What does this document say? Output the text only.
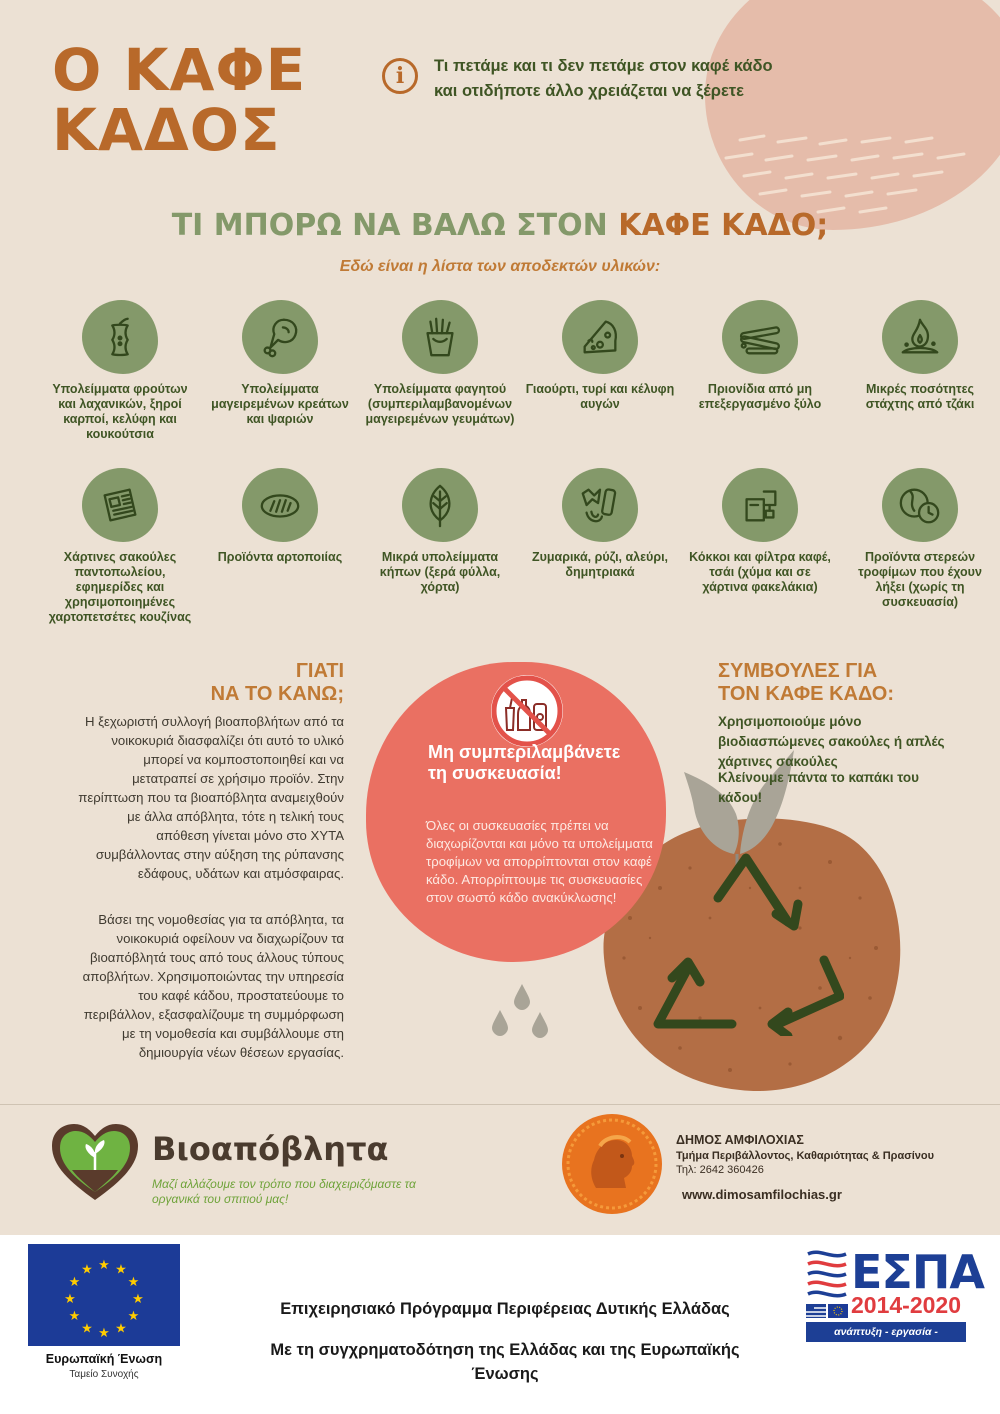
Ο ΚΑΦΕ
ΚΑΔΟΣ
i	Τι πετάμε και τι δεν πετάμε στον καφέ κάδο και οτιδήποτε άλλο χρειάζεται να ξέρετε

ΤΙ ΜΠΟΡΩ ΝΑ ΒΑΛΩ ΣΤΟΝ ΚΑΦΕ ΚΑΔΟ;

Εδώ είναι η λίστα των αποδεκτών υλικών:

Υπολείμματα φρούτων και λαχανικών, ξηροί καρποί, κελύφη και κουκούτσια
Υπολείμματα μαγειρεμένων κρεάτων και ψαριών
Υπολείμματα φαγητού (συμπεριλαμβανομένων μαγειρεμένων γευμάτων)
Γιαούρτι, τυρί και κέλυφη αυγών
Πριονίδια από μη επεξεργασμένο ξύλο
Μικρές ποσότητες στάχτης από τζάκι
Χάρτινες σακούλες παντοπωλείου, εφημερίδες και χρησιμοποιημένες χαρτοπετσέτες κουζίνας
Προϊόντα αρτοποιίας	Μικρά υπολείμματα κήπων (ξερά φύλλα, χόρτα)
Ζυμαρικά, ρύζι, αλεύρι, δημητριακά
Κόκκοι και φίλτρα καφέ, τσάι (χύμα και σε χάρτινα φακελάκια)
Προϊόντα στερεών τροφίμων που έχουν λήξει (χωρίς τη συσκευασία)
ΓΙΑΤΙ
ΝΑ ΤΟ ΚΑΝΩ;

Η ξεχωριστή συλλογή βιοαποβλήτων από τα νοικοκυριά διασφαλίζει ότι αυτό το υλικό μπορεί να κομποστοποιηθεί και να μετατραπεί σε χρήσιμο προϊόν. Στην περίπτωση που τα βιοαπόβλητα αναμειχθούν με άλλα απόβλητα, τότε η τελική τους απόθεση γίνεται μόνο στο ΧΥΤΑ συμβάλλοντας στην αύξηση της ρύπανσης εδάφους, υδάτων και ατμόσφαιρας.

Βάσει της νομοθεσίας για τα απόβλητα, τα νοικοκυριά οφείλουν να διαχωρίζουν τα βιοαπόβλητά τους από τους άλλους τύπους αποβλήτων. Χρησιμοποιώντας την υπηρεσία του καφέ κάδου, προστατεύουμε το περιβάλλον, εξασφαλίζουμε τη συμμόρφωση με τη νομοθεσία και συμβάλλουμε στη δημιουργία νέων θέσεων εργασίας.

Μη συμπεριλαμβάνετε τη συσκευασία!

Όλες οι συσκευασίες πρέπει να διαχωρίζονται και μόνο τα υπολείμματα τροφίμων να απορρίπτονται στον καφέ κάδο. Απορρίπτουμε τις συσκευασίες στον σωστό κάδο ανακύκλωσης!

ΣΥΜΒΟΥΛΕΣ ΓΙΑ
ΤΟΝ ΚΑΦΕ ΚΑΔΟ:

Χρησιμοποιούμε μόνο βιοδιασπώμενες σακούλες ή απλές χάρτινες σακούλες

Κλείνουμε πάντα το καπάκι του κάδου!

Βιοαπόβλητα

Μαζί αλλάζουμε τον τρόπο που διαχειριζόμαστε τα οργανικά του σπιτιού μας!

ΔΗΜΟΣ ΑΜΦΙΛΟΧΙΑΣ

Τμήμα Περιβάλλοντος, Καθαριότητας & Πρασίνου

Τηλ: 2642 360426

www.dimosamfilochias.gr

★ ★
★
★
★
★
★
★
★
★
★
★

Ευρωπαϊκή Ένωση

Ταμείο Συνοχής

Επιχειρησιακό Πρόγραμμα Περιφέρειας Δυτικής Ελλάδας

Με τη συγχρηματοδότηση της Ελλάδας και της Ευρωπαϊκής Ένωσης

ΕΣΠΑ

2014-2020

ανάπτυξη - εργασία - αλληλεγγύη
